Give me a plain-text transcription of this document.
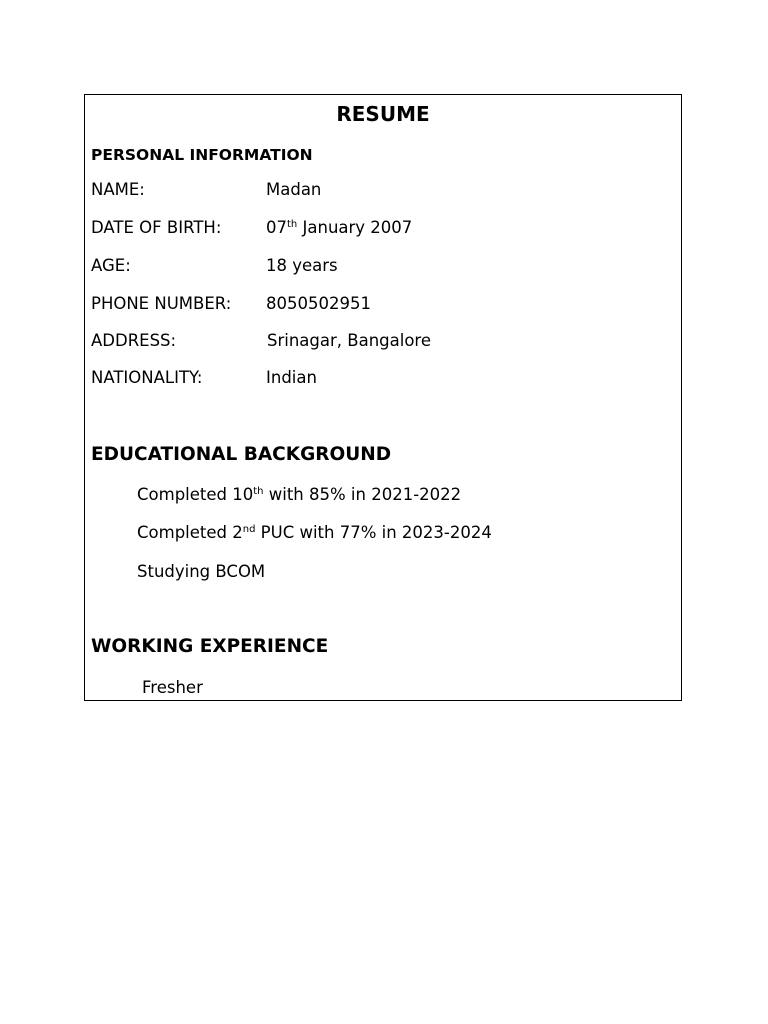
RESUME
PERSONAL INFORMATION
NAME:	Madan
DATE OF BIRTH:	07th January 2007
AGE:	18 years
PHONE NUMBER: 8050502951
ADDRESS:	Srinagar, Bangalore
NATIONALITY:	Indian
EDUCATIONAL BACKGROUND
Completed 10th with 85% in 2021-2022
Completed 2nd PUC with 77% in 2023-2024
Studying BCOM
WORKING EXPERIENCE
Fresher
